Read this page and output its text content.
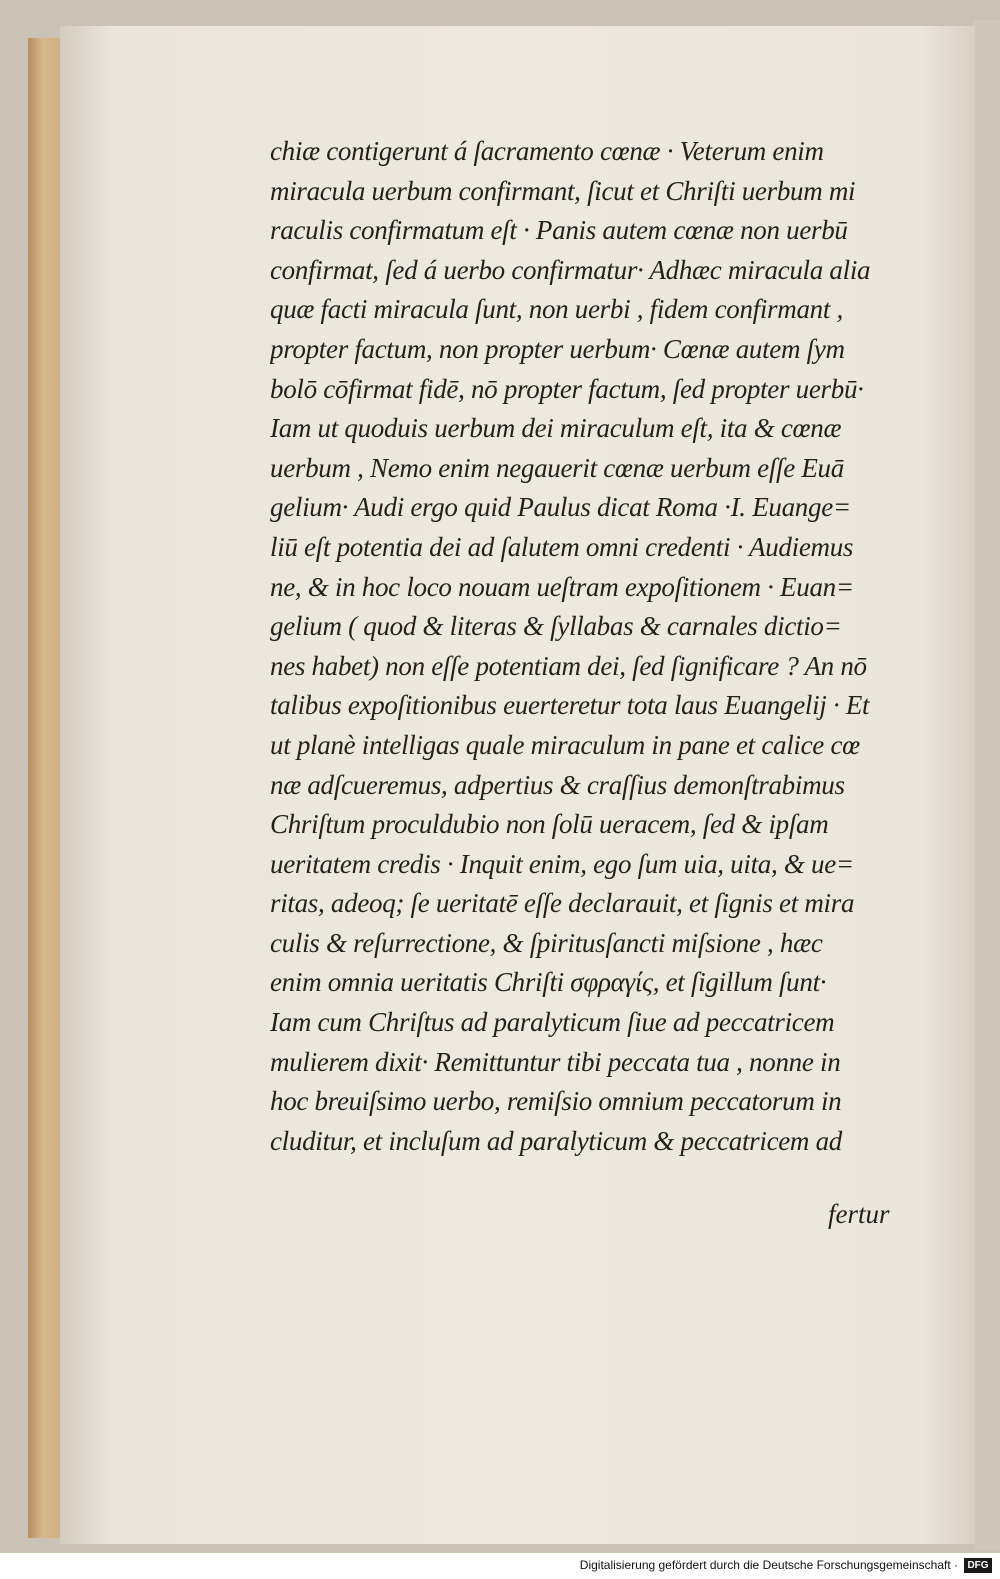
chiæ contigerunt á ſacramento cœnæ · Veterum enim
miracula uerbum confirmant, ſicut et Chriſti uerbum mi
raculis confirmatum eſt · Panis autem cœnæ non uerbū
confirmat, ſed á uerbo confirmatur· Adhæc miracula alia
quæ facti miracula ſunt, non uerbi , fidem confirmant ,
propter factum, non propter uerbum· Cœnæ autem ſym
bolō cōfirmat fidē, nō propter factum, ſed propter uerbū·
Iam ut quoduis uerbum dei miraculum eſt, ita & cœnæ
uerbum , Nemo enim negauerit cœnæ uerbum eſſe Euā
gelium· Audi ergo quid Paulus dicat Roma ·I. Euange=
liū eſt potentia dei ad ſalutem omni credenti · Audiemus
ne, & in hoc loco nouam ueſtram expoſitionem · Euan=
gelium ( quod & literas & ſyllabas & carnales dictio=
nes habet) non eſſe potentiam dei, ſed ſignificare ? An nō
talibus expoſitionibus euerteretur tota laus Euangelij · Et
ut planè intelligas quale miraculum in pane et calice cœ
næ adſcueremus, adpertius & craſſius demonſtrabimus
Chriſtum proculdubio non ſolū ueracem, ſed & ipſam
ueritatem credis · Inquit enim, ego ſum uia, uita, & ue=
ritas, adeoq; ſe ueritatē eſſe declarauit, et ſignis et mira
culis & reſurrectione, & ſpiritusſancti miſsione , hæc
enim omnia ueritatis Chriſti σφραγίς, et ſigillum ſunt·
Iam cum Chriſtus ad paralyticum ſiue ad peccatricem
mulierem dixit· Remittuntur tibi peccata tua , nonne in
hoc breuiſsimo uerbo, remiſsio omnium peccatorum in
cluditur, et incluſum ad paralyticum & peccatricem ad
fertur
Digitalisierung gefördert durch die Deutsche Forschungsgemeinschaft · DFG
